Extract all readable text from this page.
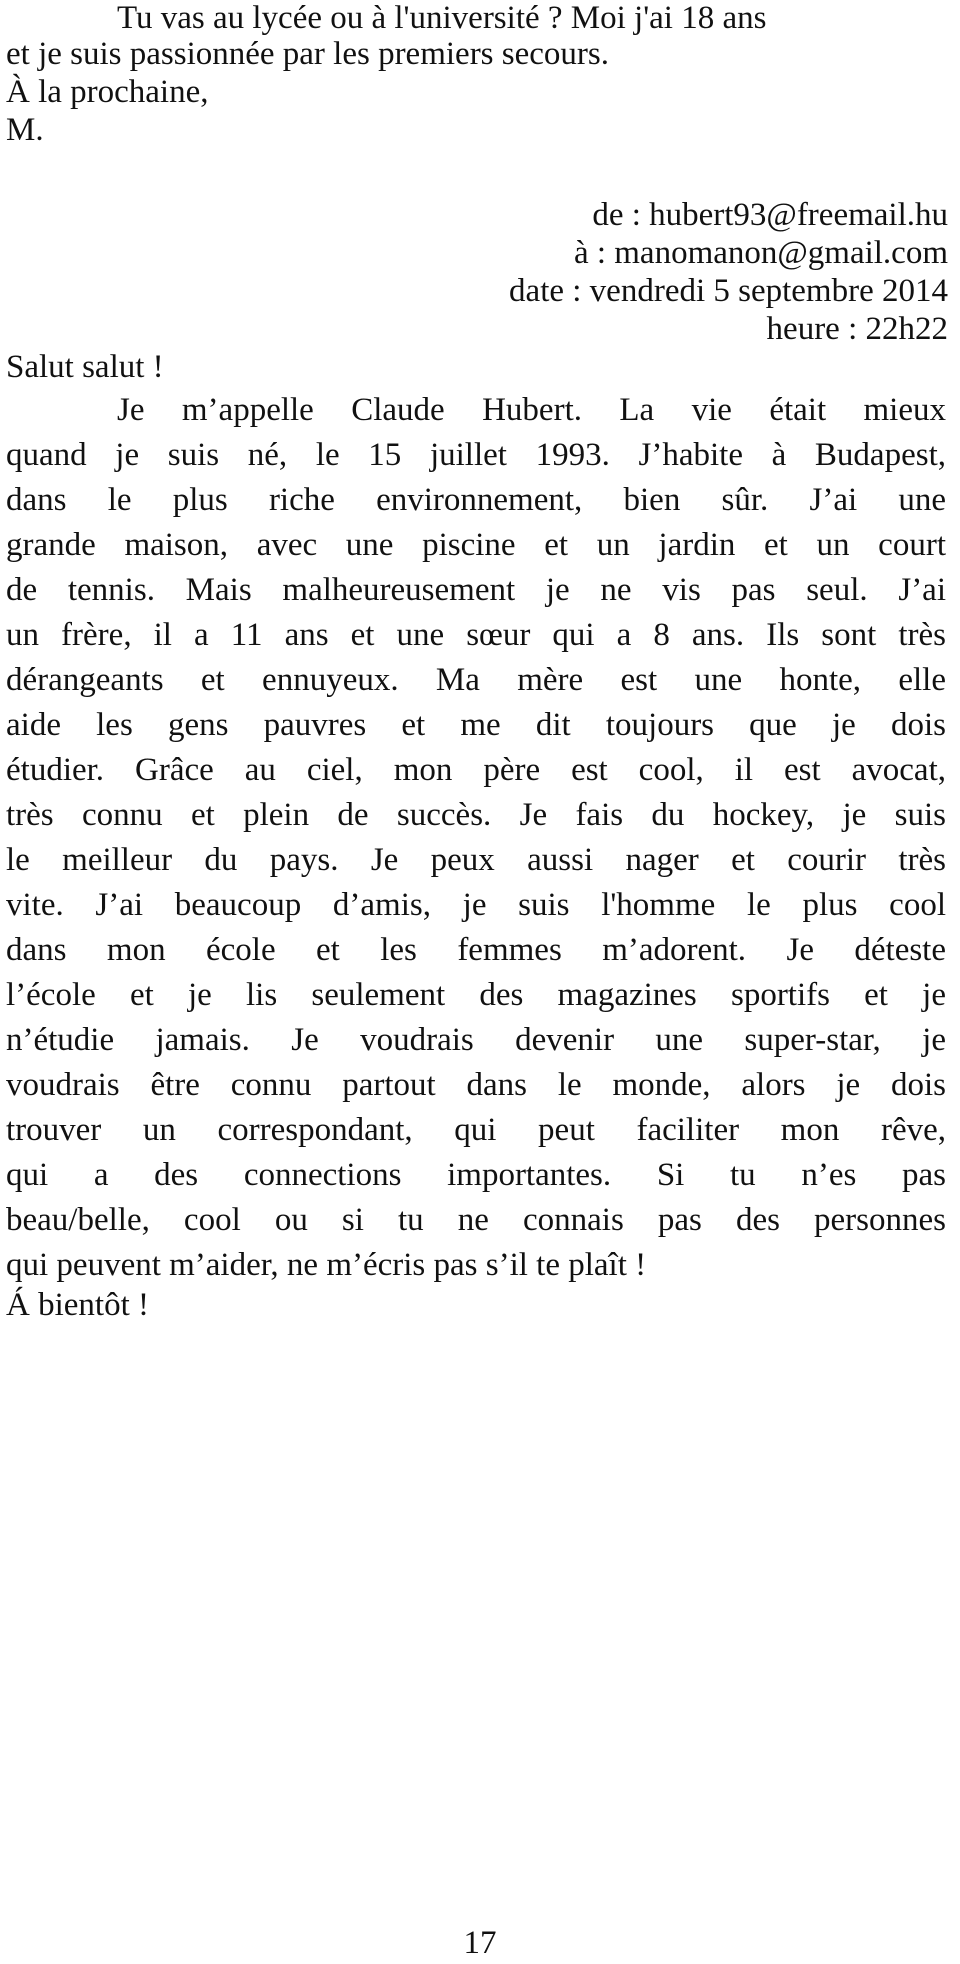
Tu vas au lycée ou à l'université ? Moi j'ai 18 ans
et je suis passionnée par les premiers secours.
À la prochaine,
M.
de : hubert93@freemail.hu
à : manomanon@gmail.com
date : vendredi 5 septembre 2014
heure : 22h22
Salut salut !
Je m’appelle Claude Hubert. La vie était mieux
quand je suis né, le 15 juillet 1993. J’habite à Budapest,
dans le plus riche environnement, bien sûr. J’ai une
grande maison, avec une piscine et un jardin et un court
de tennis. Mais malheureusement je ne vis pas seul. J’ai
un frère, il a 11 ans et une sœur qui a 8 ans. Ils sont très
dérangeants et ennuyeux. Ma mère est une honte, elle
aide les gens pauvres et me dit toujours que je dois
étudier. Grâce au ciel, mon père est cool, il est avocat,
très connu et plein de succès. Je fais du hockey, je suis
le meilleur du pays. Je peux aussi nager et courir très
vite. J’ai beaucoup d’amis, je suis l'homme le plus cool
dans mon école et les femmes m’adorent. Je déteste
l’école et je lis seulement des magazines sportifs et je
n’étudie jamais. Je voudrais devenir une super-star, je
voudrais être connu partout dans le monde, alors je dois
trouver un correspondant, qui peut faciliter mon rêve,
qui a des connections importantes. Si tu n’es pas
beau/belle, cool ou si tu ne connais pas des personnes
qui peuvent m’aider, ne m’écris pas s’il te plaît !
Á bientôt !
17
